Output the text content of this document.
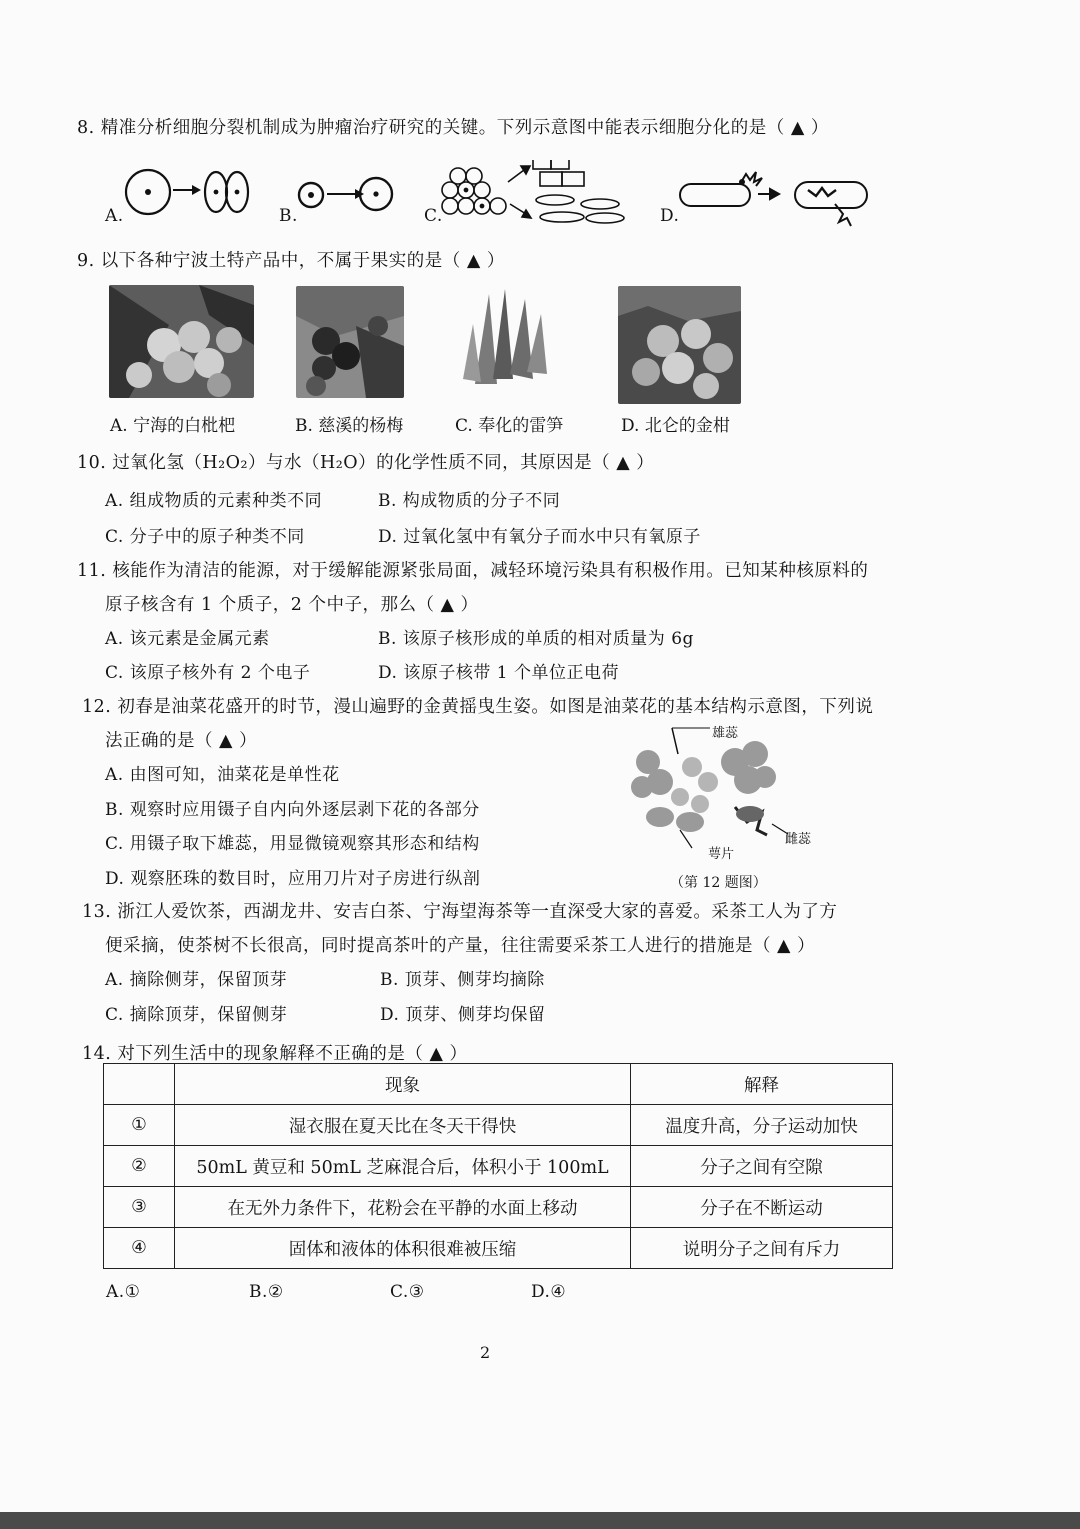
8. 精准分析细胞分裂机制成为肿瘤治疗研究的关键。下列示意图中能表示细胞分化的是（ ▲ ）
A.	B.	C.	D.
9. 以下各种宁波土特产品中，不属于果实的是（ ▲ ）
A. 宁海的白枇杷	B. 慈溪的杨梅	C. 奉化的雷笋	D. 北仑的金柑
10. 过氧化氢（H₂O₂）与水（H₂O）的化学性质不同，其原因是（ ▲ ）
A. 组成物质的元素种类不同	B. 构成物质的分子不同
C. 分子中的原子种类不同	D. 过氧化氢中有氧分子而水中只有氧原子
11. 核能作为清洁的能源，对于缓解能源紧张局面，减轻环境污染具有积极作用。已知某种核原料的
原子核含有 1 个质子，2 个中子，那么（ ▲ ）
A. 该元素是金属元素	B. 该原子核形成的单质的相对质量为 6g
C. 该原子核外有 2 个电子	D. 该原子核带 1 个单位正电荷
12. 初春是油菜花盛开的时节，漫山遍野的金黄摇曳生姿。如图是油菜花的基本结构示意图，下列说
法正确的是（ ▲ ）
A. 由图可知，油菜花是单性花
B. 观察时应用镊子自内向外逐层剥下花的各部分
C. 用镊子取下雄蕊，用显微镜观察其形态和结构
D. 观察胚珠的数目时，应用刀片对子房进行纵剖
雄蕊
雌蕊
萼片
（第 12 题图）
13. 浙江人爱饮茶，西湖龙井、安吉白茶、宁海望海茶等一直深受大家的喜爱。采茶工人为了方
便采摘，使茶树不长很高，同时提高茶叶的产量，往往需要采茶工人进行的措施是（ ▲ ）
A. 摘除侧芽，保留顶芽	B. 顶芽、侧芽均摘除
C. 摘除顶芽，保留侧芽	D. 顶芽、侧芽均保留
14. 对下列生活中的现象解释不正确的是（ ▲ ）
	现象	解释
①	湿衣服在夏天比在冬天干得快	温度升高，分子运动加快
②	50mL 黄豆和 50mL 芝麻混合后，体积小于 100mL	分子之间有空隙
③	在无外力条件下，花粉会在平静的水面上移动	分子在不断运动
④	固体和液体的体积很难被压缩	说明分子之间有斥力
A.①	B.②	C.③	D.④
2
